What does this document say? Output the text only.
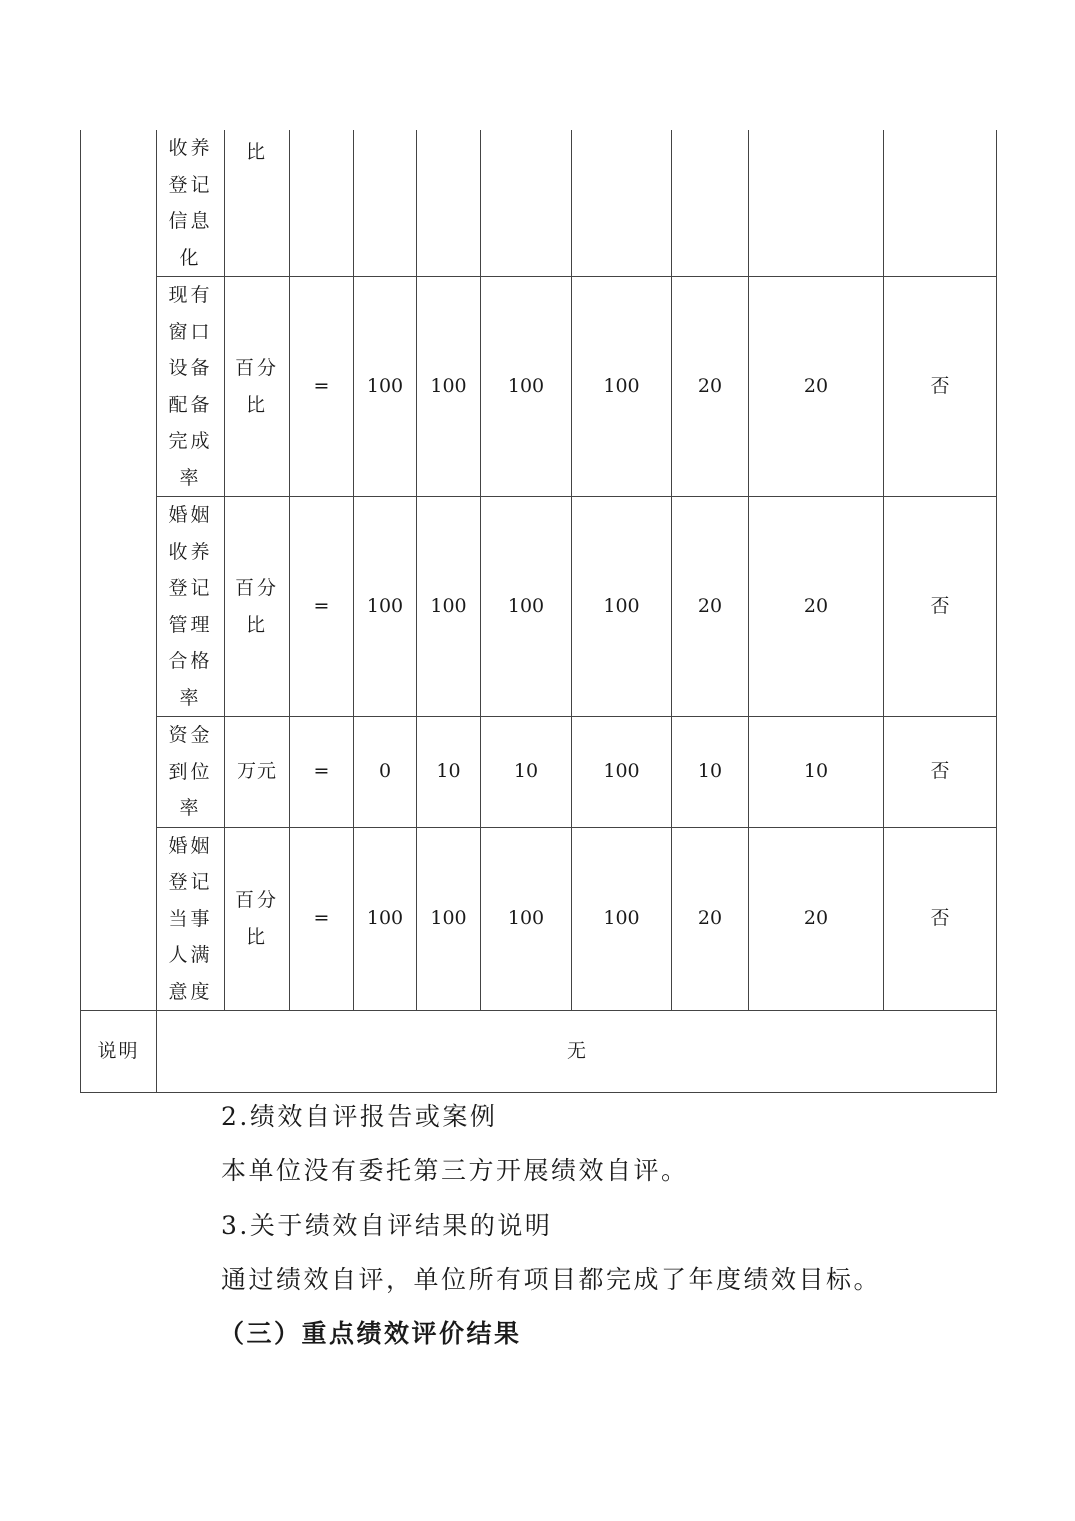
	收养登记信息化	比								
	现有窗口设备配备完成率	百分比	=	100	100	100	100	20	20	否
	婚姻收养登记管理合格率	百分比	=	100	100	100	100	20	20	否
	资金到位率	万元	=	0	10	10	100	10	10	否
	婚姻登记当事人满意度	百分比	=	100	100	100	100	20	20	否
说明	无									
2.绩效自评报告或案例
本单位没有委托第三方开展绩效自评。
3.关于绩效自评结果的说明
通过绩效自评，单位所有项目都完成了年度绩效目标。
（三）重点绩效评价结果
